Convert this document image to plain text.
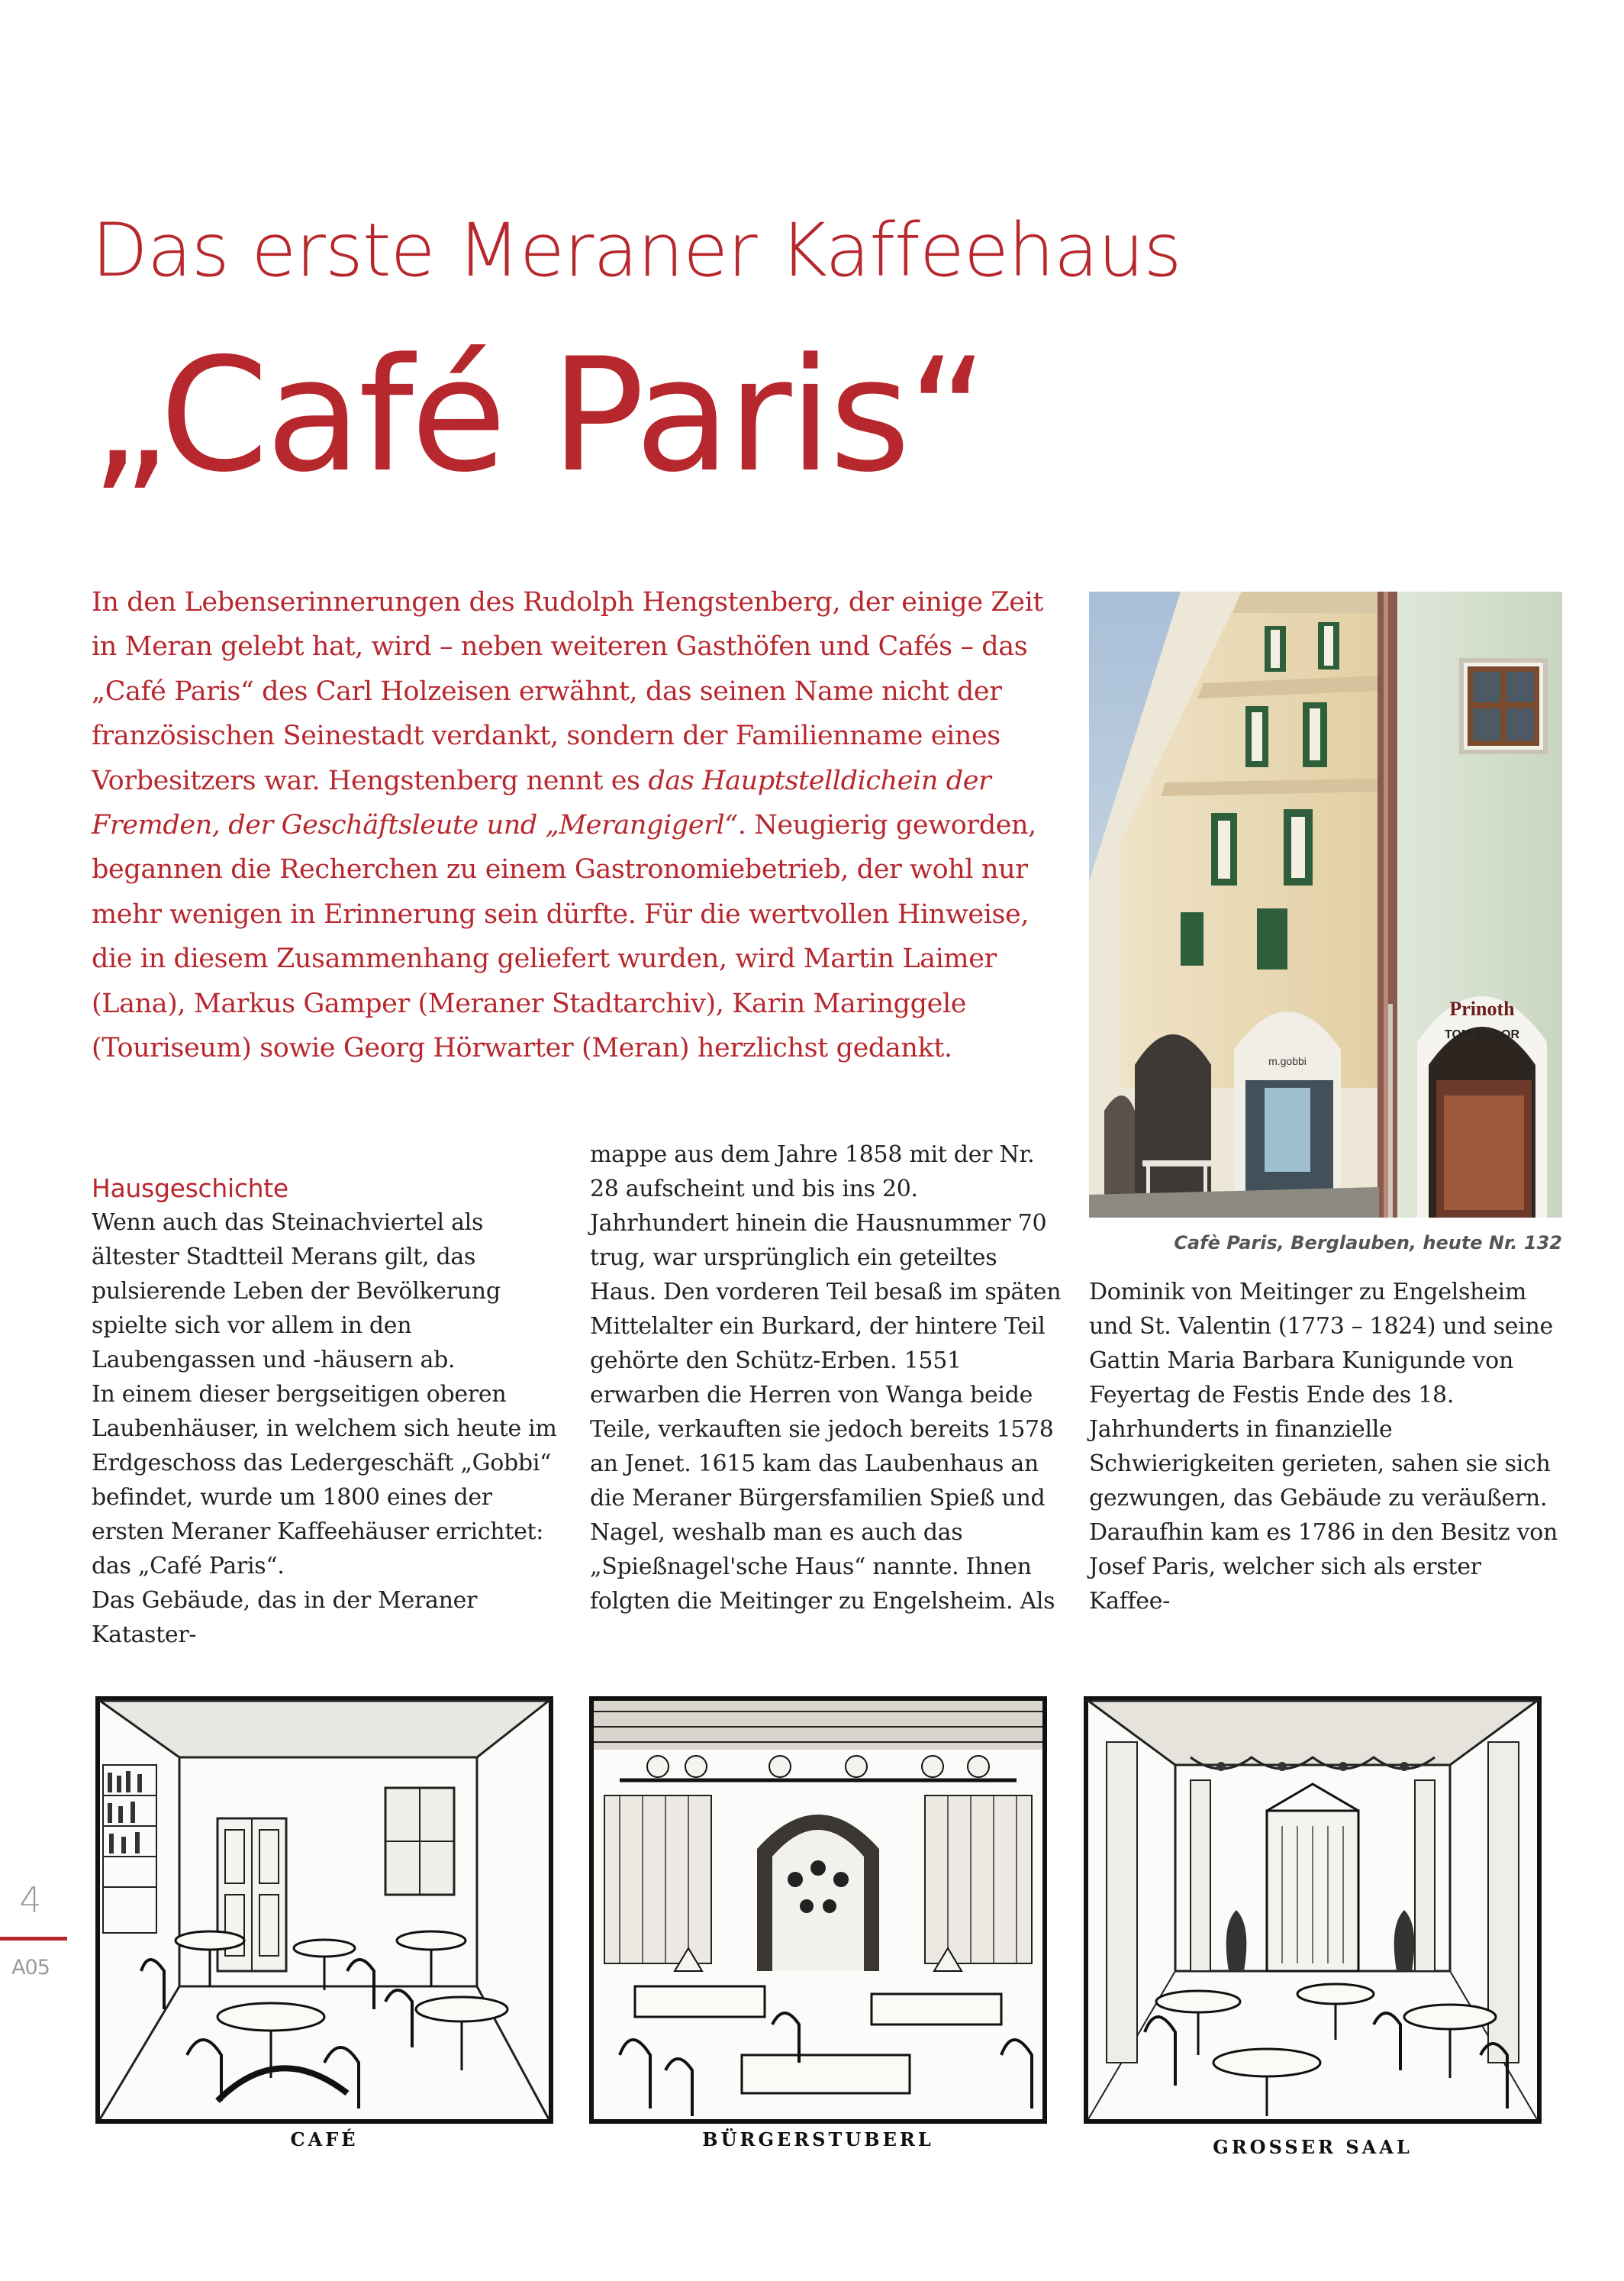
Das erste Meraner Kaffeehaus
„Café Paris“

In den Lebenserinnerungen des Rudolph Hengstenberg, der einige Zeit in Meran gelebt hat, wird – neben weiteren Gasthöfen und Cafés – das „Café Paris“ des Carl Holzeisen erwähnt, das seinen Name nicht der französischen Seinestadt verdankt, sondern der Familienname eines Vorbesitzers war. Hengstenberg nennt es das Hauptstelldichein der Fremden, der Geschäftsleute und „Merangigerl“. Neugierig geworden, begannen die Recherchen zu einem Gastronomiebetrieb, der wohl nur mehr wenigen in Erinnerung sein dürfte. Für die wertvollen Hinweise, die in diesem Zusammenhang geliefert wurden, wird Martin Laimer (Lana), Markus Gamper (Meraner Stadtarchiv), Karin Maringgele (Touriseum) sowie Georg Hörwarter (Meran) herzlichst gedankt.

Prinoth
TOM TAILOR
m.gobbi
Cafè Paris, Berglauben, heute Nr. 132
Hausgeschichte

Wenn auch das Steinachviertel als ältester Stadtteil Merans gilt, das pulsierende Leben der Bevölkerung spielte sich vor allem in den Laubengassen und -häusern ab.

In einem dieser bergseitigen oberen Laubenhäuser, in welchem sich heute im Erdgeschoss das Ledergeschäft „Gobbi“ befindet, wurde um 1800 eines der ersten Meraner Kaffeehäuser errichtet: das „Café Paris“.

Das Gebäude, das in der Meraner Kataster-

mappe aus dem Jahre 1858 mit der Nr. 28 aufscheint und bis ins 20. Jahrhundert hinein die Hausnummer 70 trug, war ursprünglich ein geteiltes Haus. Den vorderen Teil besaß im späten Mittelalter ein Burkard, der hintere Teil gehörte den Schütz-Erben. 1551 erwarben die Herren von Wanga beide Teile, verkauften sie jedoch bereits 1578 an Jenet. 1615 kam das Laubenhaus an die Meraner Bürgersfamilien Spieß und Nagel, weshalb man es auch das „Spießnagel'sche Haus“ nannte. Ihnen folgten die Meitinger zu Engelsheim. Als

Dominik von Meitinger zu Engelsheim und St. Valentin (1773 – 1824) und seine Gattin Maria Barbara Kunigunde von Feyertag de Festis Ende des 18. Jahrhunderts in finanzielle Schwierigkeiten gerieten, sahen sie sich gezwungen, das Gebäude zu veräußern.

Daraufhin kam es 1786 in den Besitz von Josef Paris, welcher sich als erster Kaffee-

CAFÉ	BÜRGERSTUBERL	GROSSER SAAL
4
A05
